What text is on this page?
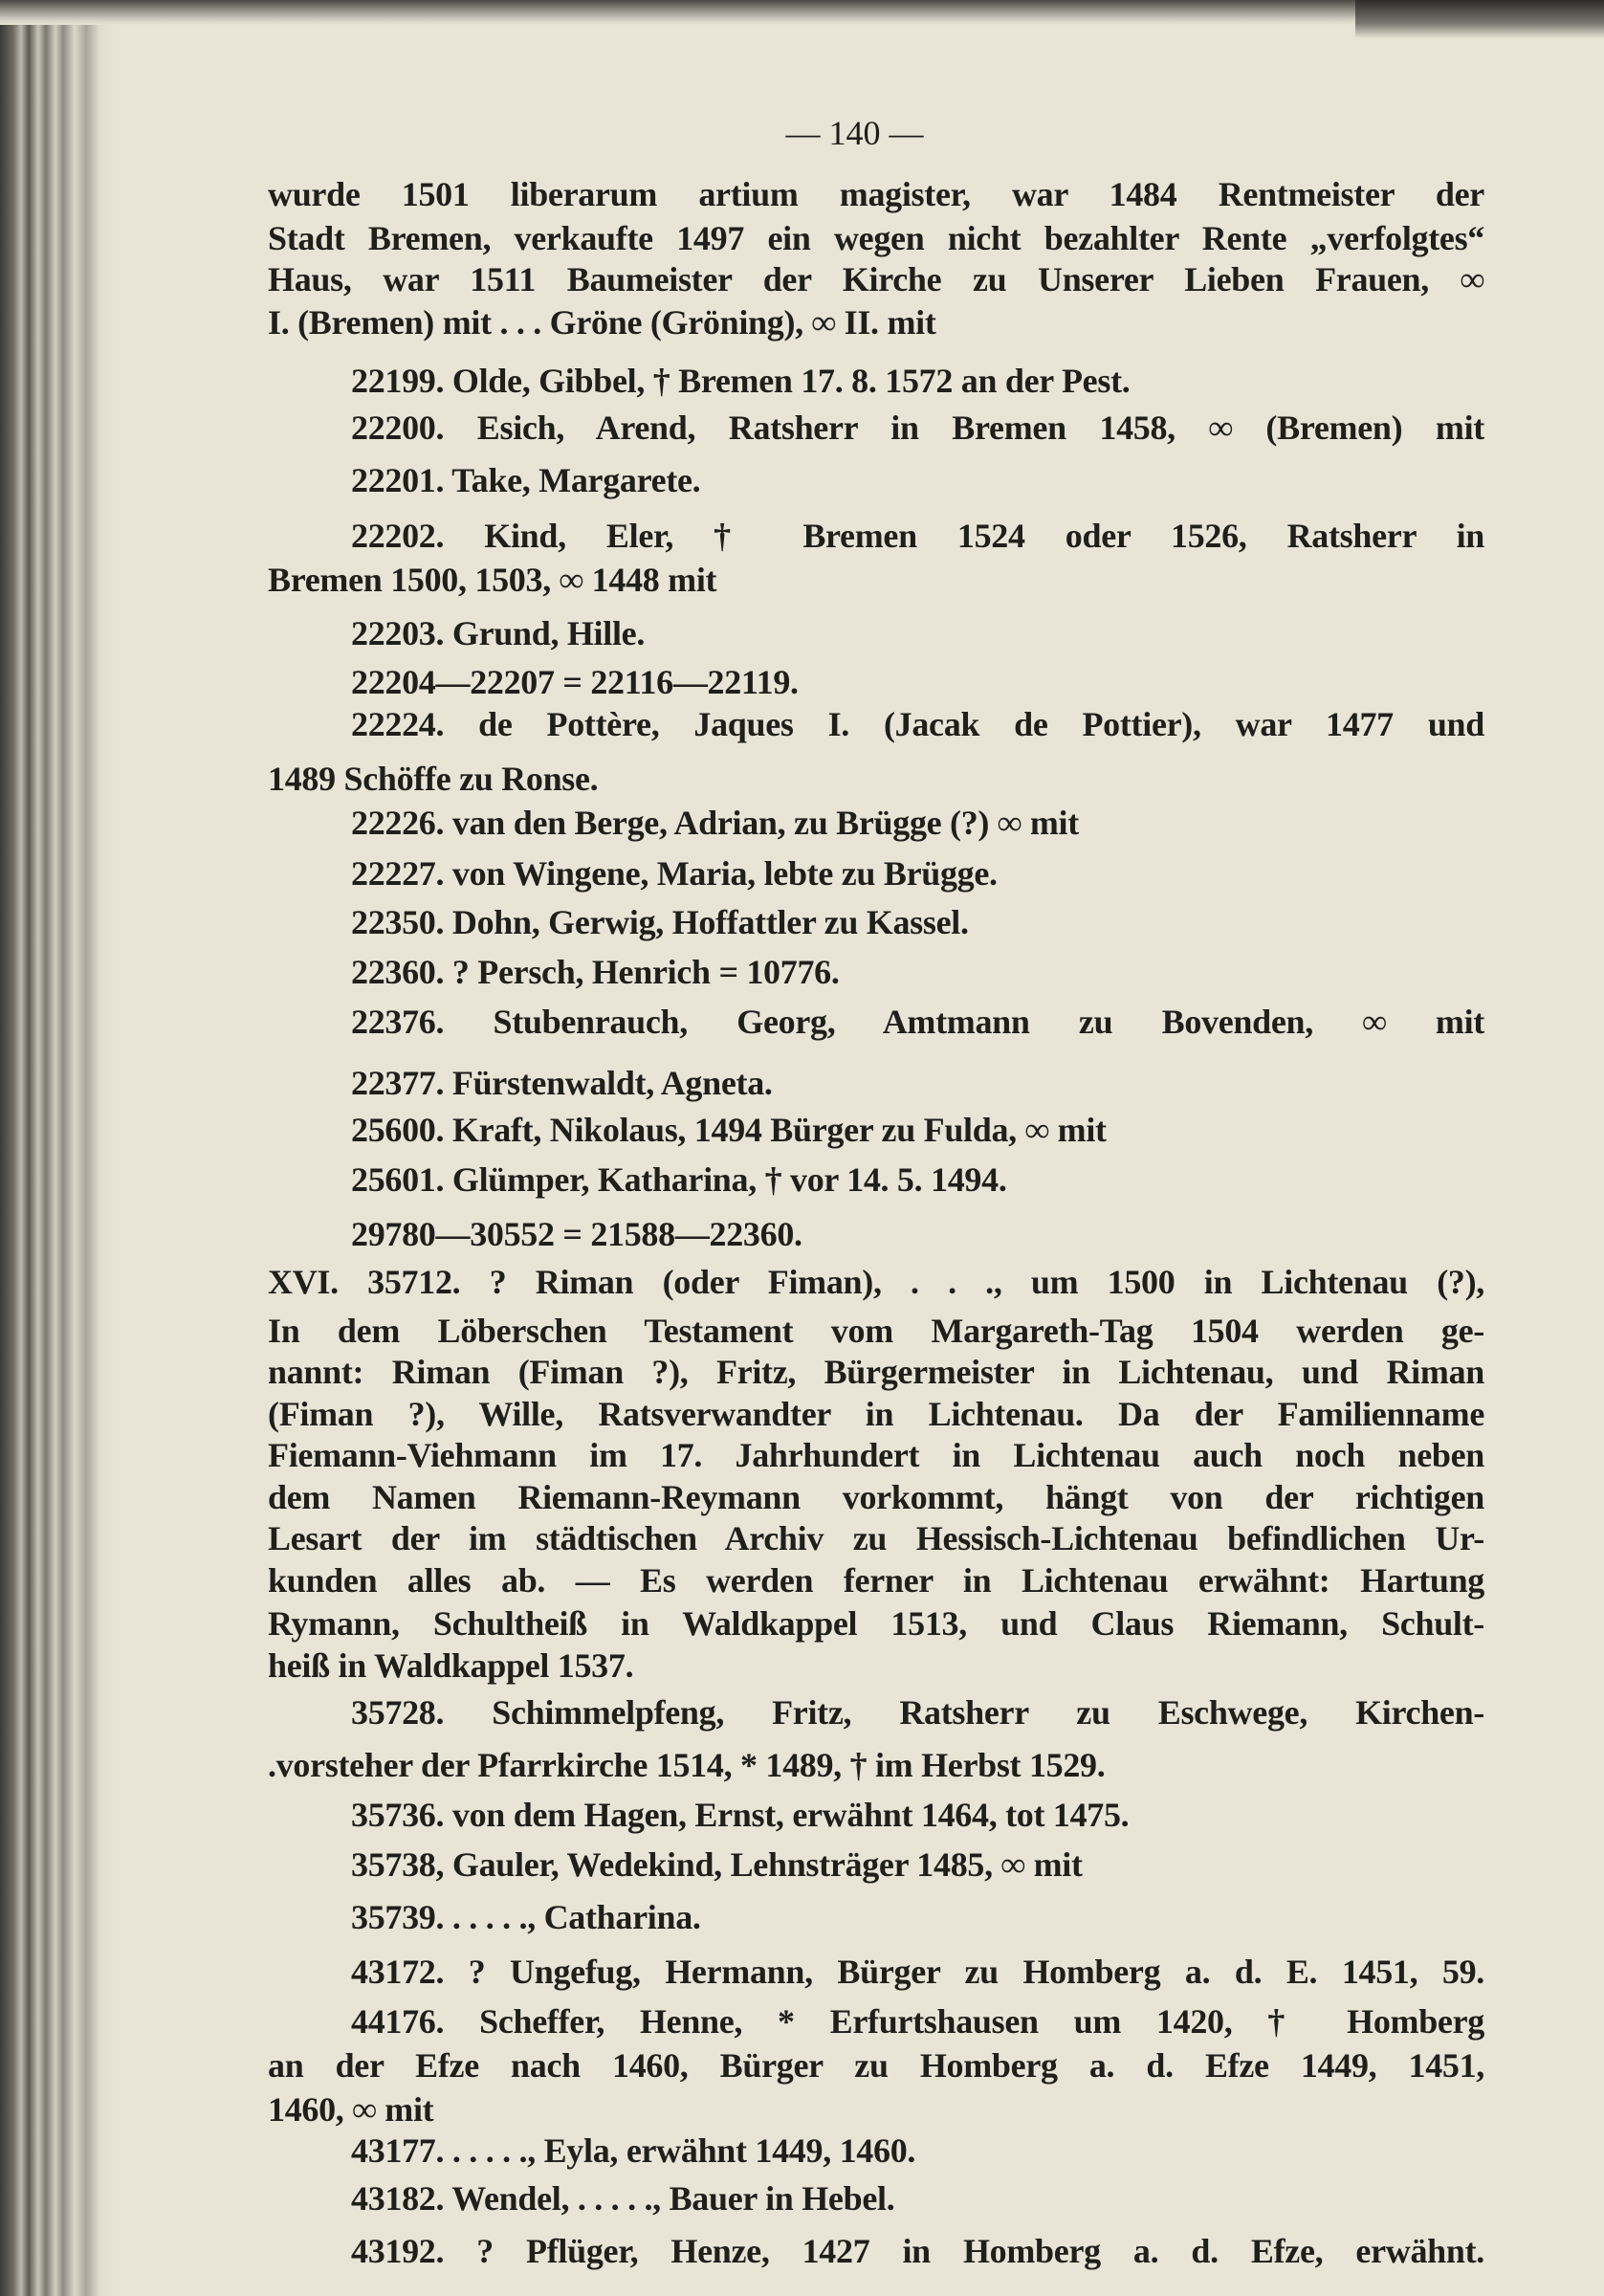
— 140 —
wurde 1501 liberarum artium magister, war 1484 Rentmeister der
Stadt Bremen, verkaufte 1497 ein wegen nicht bezahlter Rente „verfolgtes“
Haus, war 1511 Baumeister der Kirche zu Unserer Lieben Frauen, ∞
I. (Bremen) mit . . . Gröne (Gröning), ∞ II. mit
22199. Olde, Gibbel, † Bremen 17. 8. 1572 an der Pest.
22200. Esich, Arend, Ratsherr in Bremen 1458, ∞ (Bremen) mit
22201. Take, Margarete.
22202. Kind, Eler, † Bremen 1524 oder 1526, Ratsherr in
Bremen 1500, 1503, ∞ 1448 mit
22203. Grund, Hille.
22204—22207 = 22116—22119.
22224. de Pottère, Jaques I. (Jacak de Pottier), war 1477 und
1489 Schöffe zu Ronse.
22226. van den Berge, Adrian, zu Brügge (?) ∞ mit
22227. von Wingene, Maria, lebte zu Brügge.
22350. Dohn, Gerwig, Hoffattler zu Kassel.
22360. ? Persch, Henrich = 10776.
22376. Stubenrauch, Georg, Amtmann zu Bovenden, ∞ mit
22377. Fürstenwaldt, Agneta.
25600. Kraft, Nikolaus, 1494 Bürger zu Fulda, ∞ mit
25601. Glümper, Katharina, † vor 14. 5. 1494.
29780—30552 = 21588—22360.
XVI. 35712. ? Riman (oder Fiman), . . ., um 1500 in Lichtenau (?),
In dem Löberschen Testament vom Margareth-Tag 1504 werden ge-
nannt: Riman (Fiman ?), Fritz, Bürgermeister in Lichtenau, und Riman
(Fiman ?), Wille, Ratsverwandter in Lichtenau. Da der Familienname
Fiemann-Viehmann im 17. Jahrhundert in Lichtenau auch noch neben
dem Namen Riemann-Reymann vorkommt, hängt von der richtigen
Lesart der im städtischen Archiv zu Hessisch-Lichtenau befindlichen Ur-
kunden alles ab. — Es werden ferner in Lichtenau erwähnt: Hartung
Rymann, Schultheiß in Waldkappel 1513, und Claus Riemann, Schult-
heiß in Waldkappel 1537.
35728. Schimmelpfeng, Fritz, Ratsherr zu Eschwege, Kirchen-
.vorsteher der Pfarrkirche 1514, * 1489, † im Herbst 1529.
35736. von dem Hagen, Ernst, erwähnt 1464, tot 1475.
35738, Gauler, Wedekind, Lehnsträger 1485, ∞ mit
35739. . . . . ., Catharina.
43172. ? Ungefug, Hermann, Bürger zu Homberg a. d. E. 1451, 59.
44176. Scheffer, Henne, * Erfurtshausen um 1420, † Homberg
an der Efze nach 1460, Bürger zu Homberg a. d. Efze 1449, 1451,
1460, ∞ mit
43177. . . . . ., Eyla, erwähnt 1449, 1460.
43182. Wendel, . . . . ., Bauer in Hebel.
43192. ? Pflüger, Henze, 1427 in Homberg a. d. Efze, erwähnt.
